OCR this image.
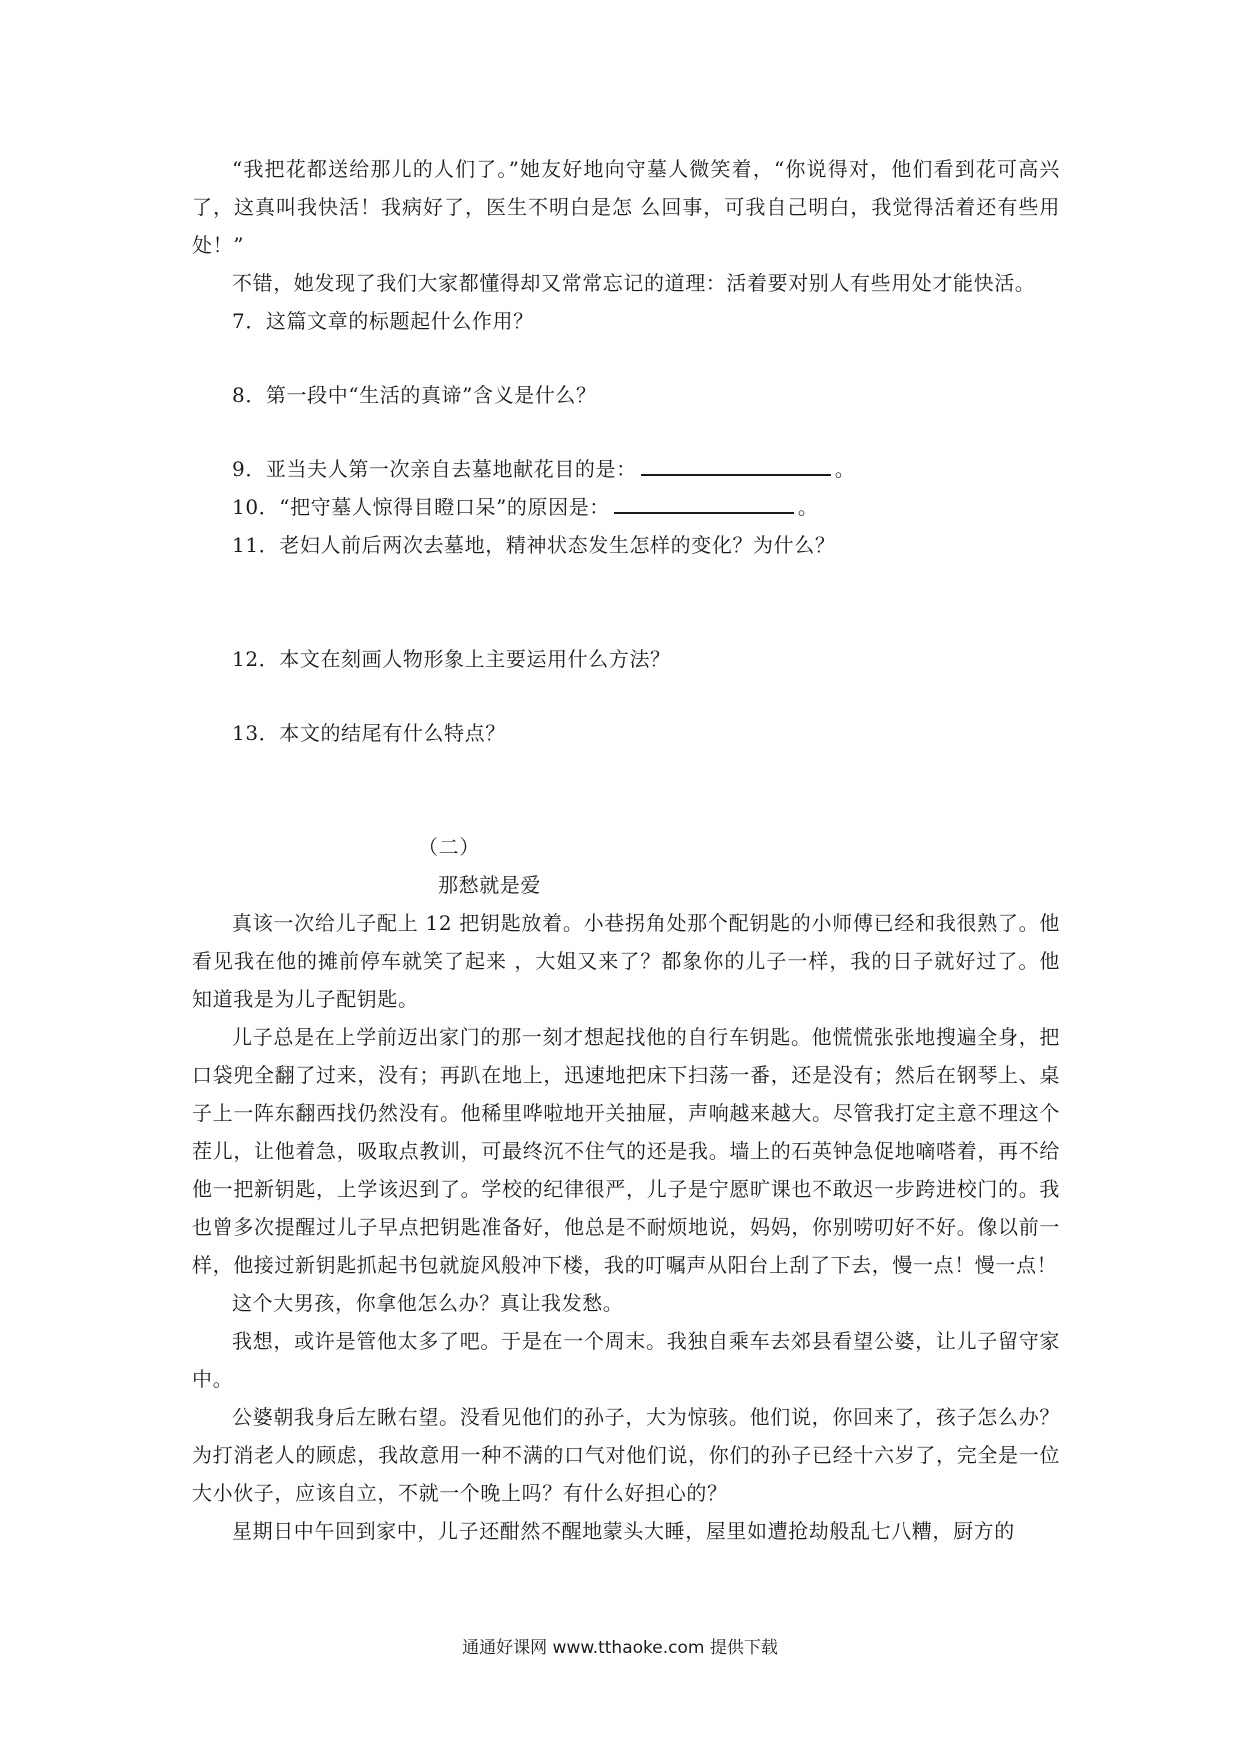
“我把花都送给那儿的人们了。”她友好地向守墓人微笑着，“你说得对，他们看到花可高兴 了，这真叫我快活！我病好了，医生不明白是怎 么回事，可我自己明白，我觉得活着还有些用 处！”

不错，她发现了我们大家都懂得却又常常忘记的道理：活着要对别人有些用处才能快活。

7．这篇文章的标题起什么作用？

8．第一段中“生活的真谛”含义是什么？

9．亚当夫人第一次亲自去墓地献花目的是：	。

10．“把守墓人惊得目瞪口呆”的原因是：	。

11．老妇人前后两次去墓地，精神状态发生怎样的变化？为什么？

12．本文在刻画人物形象上主要运用什么方法？

13．本文的结尾有什么特点？

（二）

那愁就是爱

真该一次给儿子配上 12 把钥匙放着。小巷拐角处那个配钥匙的小师傅已经和我很熟了。他看见我在他的摊前停车就笑了起来 ，大姐又来了？都象你的儿子一样，我的日子就好过了。他知道我是为儿子配钥匙。

儿子总是在上学前迈出家门的那一刻才想起找他的自行车钥匙。他慌慌张张地搜遍全身，把口袋兜全翻了过来，没有；再趴在地上，迅速地把床下扫荡一番，还是没有；然后在钢琴上、桌子上一阵东翻西找仍然没有。他稀里哗啦地开关抽屉，声响越来越大。尽管我打定主意不理这个茬儿，让他着急，吸取点教训，可最终沉不住气的还是我。墙上的石英钟急促地嘀嗒着，再不给他一把新钥匙，上学该迟到了。学校的纪律很严，儿子是宁愿旷课也不敢迟一步跨进校门的。我也曾多次提醒过儿子早点把钥匙准备好，他总是不耐烦地说，妈妈，你别唠叨好不好。像以前一样，他接过新钥匙抓起书包就旋风般冲下楼，我的叮嘱声从阳台上刮了下去，慢一点！慢一点！

这个大男孩，你拿他怎么办？真让我发愁。

我想，或许是管他太多了吧。于是在一个周末。我独自乘车去郊县看望公婆，让儿子留守家中。

公婆朝我身后左瞅右望。没看见他们的孙子，大为惊骇。他们说，你回来了，孩子怎么办？为打消老人的顾虑，我故意用一种不满的口气对他们说，你们的孙子已经十六岁了，完全是一位大小伙子，应该自立，不就一个晚上吗？有什么好担心的？

星期日中午回到家中，儿子还酣然不醒地蒙头大睡，屋里如遭抢劫般乱七八糟，厨方的

通通好课网 www.tthaoke.com 提供下载
